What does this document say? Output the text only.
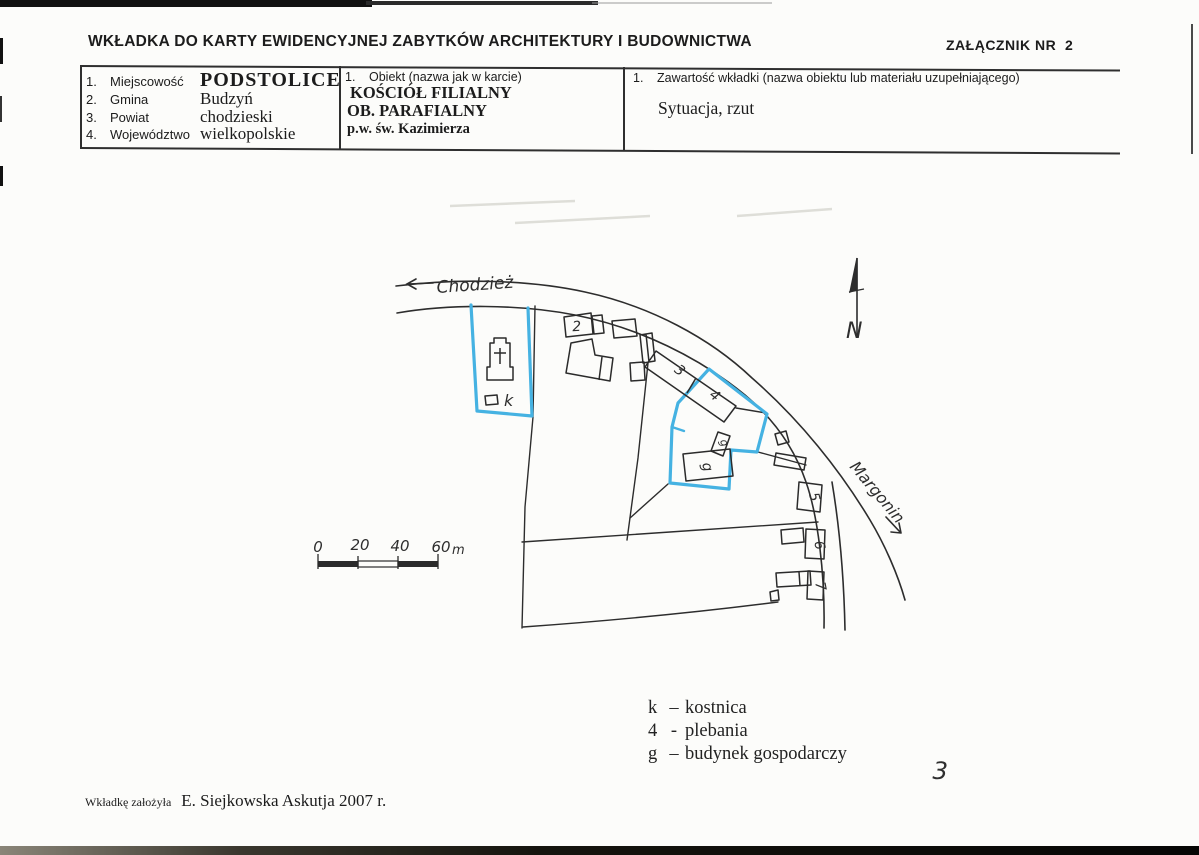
WKŁADKA DO KARTY EWIDENCYJNEJ ZABYTKÓW ARCHITEKTURY I BUDOWNICTWA	ZAŁĄCZNIK NR  2
1.	Miejscowość PODSTOLICE
2.	Gmina	Budzyń
3.	Powiat	chodzieski
4.	Województwo wielkopolskie
1.	Obiekt (nazwa jak w karcie)
KOŚCIÓŁ FILIALNY
OB. PARAFIALNY
p.w. św. Kazimierza
1.	Zawartość wkładki (nazwa obiektu lub materiału uzupełniającego)
Sytuacja, rzut
N
0 20 40 60 m
Chodzież
Margonin
2
3
4
5
6
7
k
g
g
3
k – kostnica
4 - plebania
g – budynek gospodarczy
Wkładkę założyła E. Siejkowska Askutja 2007 r.
